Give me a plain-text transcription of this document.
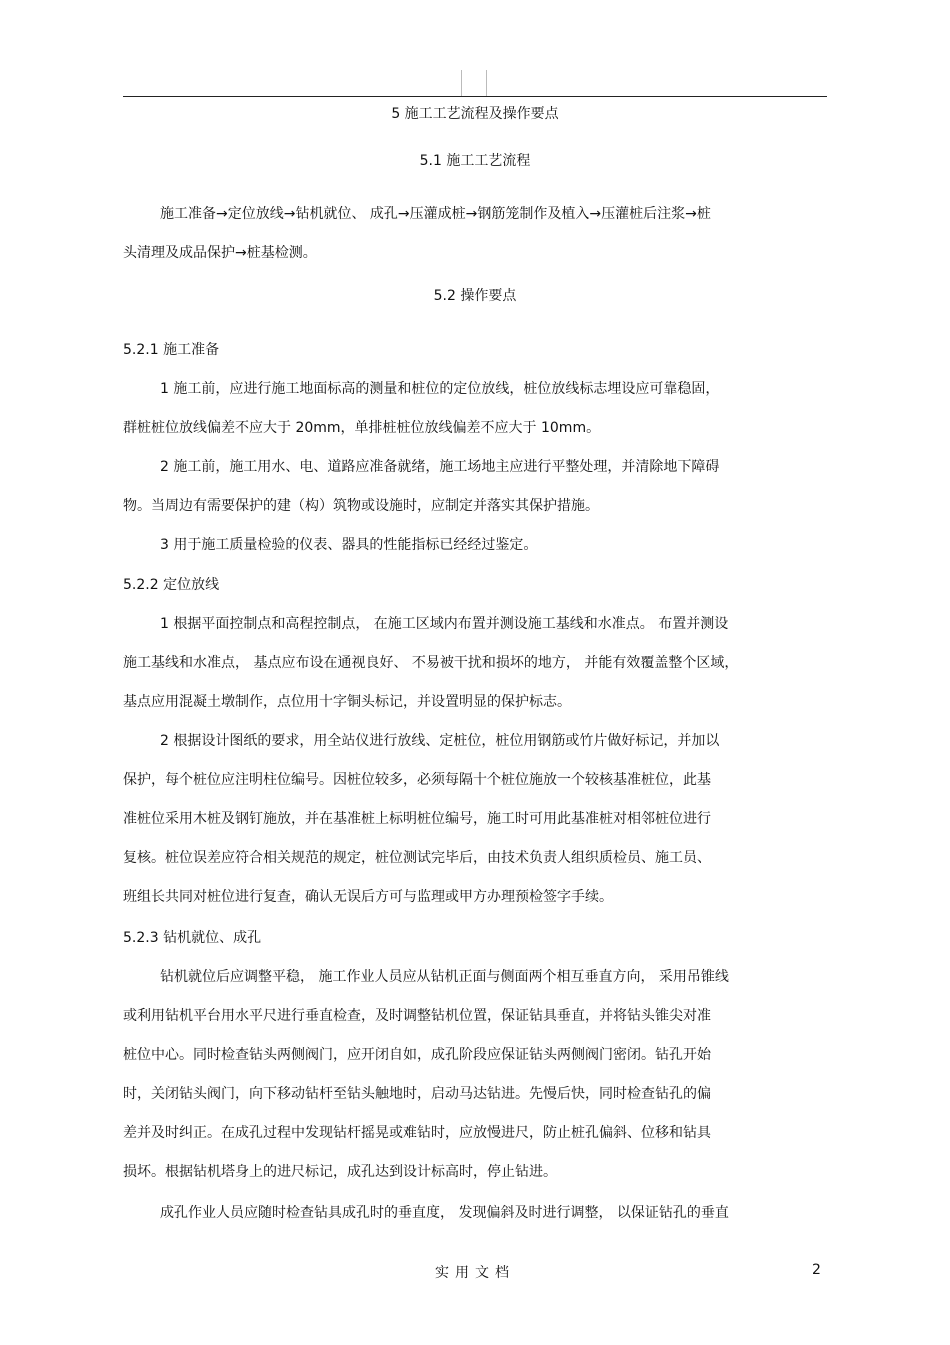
5 施工工艺流程及操作要点

5.1 施工工艺流程

施工准备→定位放线→钻机就位、 成孔→压灌成桩→钢筋笼制作及植入→压灌桩后注浆→桩

头清理及成品保护→桩基检测。

5.2 操作要点

5.2.1 施工准备

1 施工前，应进行施工地面标高的测量和桩位的定位放线，桩位放线标志埋设应可靠稳固，

群桩桩位放线偏差不应大于 20mm，单排桩桩位放线偏差不应大于 10mm。

2 施工前，施工用水、电、道路应准备就绪，施工场地主应进行平整处理，并清除地下障碍

物。当周边有需要保护的建（构）筑物或设施时，应制定并落实其保护措施。

3 用于施工质量检验的仪表、器具的性能指标已经经过鉴定。

5.2.2 定位放线

1 根据平面控制点和高程控制点， 在施工区域内布置并测设施工基线和水准点。 布置并测设

施工基线和水准点， 基点应布设在通视良好、 不易被干扰和损坏的地方， 并能有效覆盖整个区域，

基点应用混凝土墩制作，点位用十字铜头标记，并设置明显的保护标志。

2 根据设计图纸的要求，用全站仪进行放线、定桩位，桩位用钢筋或竹片做好标记，并加以

保护，每个桩位应注明柱位编号。因桩位较多，必须每隔十个桩位施放一个较核基准桩位，此基

准桩位采用木桩及钢钉施放，并在基准桩上标明桩位编号，施工时可用此基准桩对相邻桩位进行

复核。桩位误差应符合相关规范的规定，桩位测试完毕后，由技术负责人组织质检员、施工员、

班组长共同对桩位进行复查，确认无误后方可与监理或甲方办理预检签字手续。

5.2.3 钻机就位、成孔

钻机就位后应调整平稳， 施工作业人员应从钻机正面与侧面两个相互垂直方向， 采用吊锥线

或利用钻机平台用水平尺进行垂直检查，及时调整钻机位置，保证钻具垂直，并将钻头锥尖对准

桩位中心。同时检查钻头两侧阀门，应开闭自如，成孔阶段应保证钻头两侧阀门密闭。钻孔开始

时，关闭钻头阀门，向下移动钻杆至钻头触地时，启动马达钻进。先慢后快，同时检查钻孔的偏

差并及时纠正。在成孔过程中发现钻杆摇晃或难钻时，应放慢进尺，防止桩孔偏斜、位移和钻具

损坏。根据钻机塔身上的进尺标记，成孔达到设计标高时，停止钻进。

成孔作业人员应随时检查钻具成孔时的垂直度， 发现偏斜及时进行调整， 以保证钻孔的垂直

实用文档	2
